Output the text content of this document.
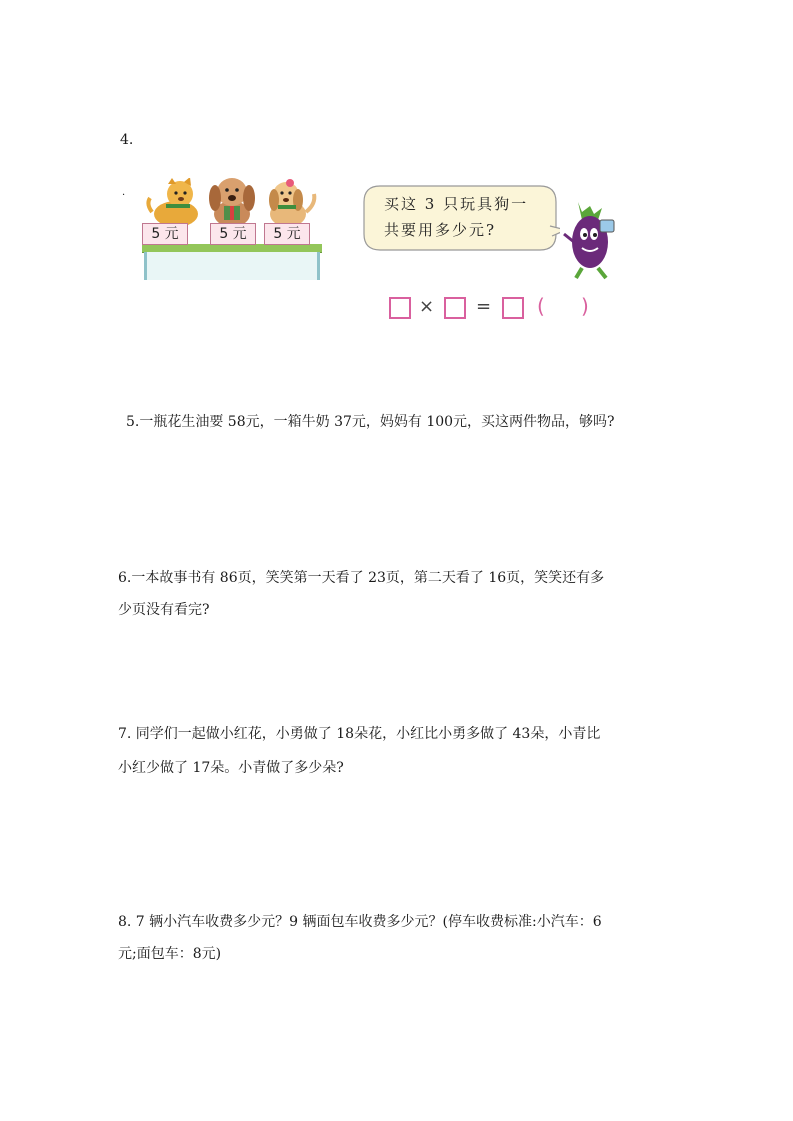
4.
·
5 元	5 元	5 元
买这 3 只玩具狗一
共要用多少元?
× = ( )
5.一瓶花生油要 58元，一箱牛奶 37元，妈妈有 100元，买这两件物品，够吗?
6.一本故事书有 86页，笑笑第一天看了 23页，第二天看了 16页，笑笑还有多
少页没有看完?
7. 同学们一起做小红花，小勇做了 18朵花，小红比小勇多做了 43朵，小青比
小红少做了 17朵。小青做了多少朵?
8. 7 辆小汽车收费多少元？9 辆面包车收费多少元？(停车收费标准:小汽车：6
元;面包车：8元)
